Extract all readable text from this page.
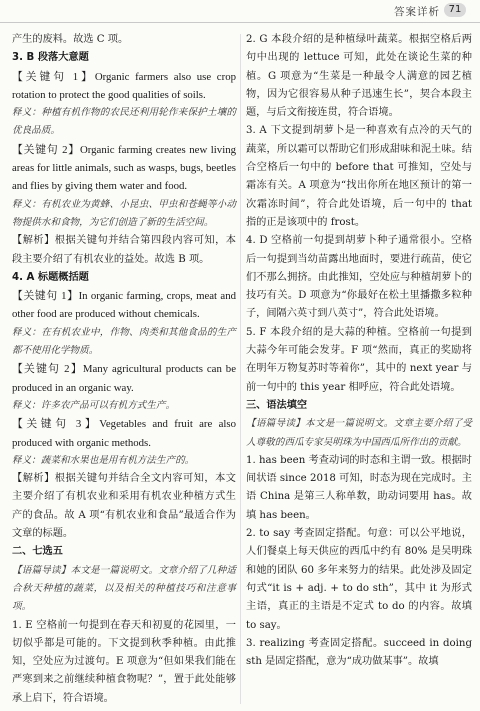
答案详析 71

产生的废料。故选 C 项。

3. B 段落大意题

【关键句 1】Organic farmers also use crop rotation to protect the good qualities of soils.

释义：种植有机作物的农民还利用轮作来保护土壤的优良品质。

【关键句 2】Organic farming creates new living areas for little animals, such as wasps, bugs, beetles and flies by giving them water and food.

释义：有机农业为黄蜂、小昆虫、甲虫和苍蝇等小动物提供水和食物，为它们创造了新的生活空间。

【解析】根据关键句并结合第四段内容可知，本段主要介绍了有机农业的益处。故选 B 项。

4. A 标题概括题

【关键句 1】In organic farming, crops, meat and other food are produced without chemicals.

释义：在有机农业中，作物、肉类和其他食品的生产都不使用化学物质。

【关键句 2】Many agricultural products can be produced in an organic way.

释义：许多农产品可以有机方式生产。

【关键句 3】Vegetables and fruit are also produced with organic methods.

释义：蔬菜和水果也是用有机方法生产的。

【解析】根据关键句并结合全文内容可知，本文主要介绍了有机农业和采用有机农业种植方式生产的食品。故 A 项“有机农业和食品”最适合作为文章的标题。

二、七选五

【语篇导读】本文是一篇说明文。文章介绍了几种适合秋天种植的蔬菜，以及相关的种植技巧和注意事项。

1. E 空格前一句提到在春天和初夏的花园里，一切似乎都是可能的。下文提到秋季种植。由此推知，空处应为过渡句。E 项意为“但如果我们能在严寒到来之前继续种植食物呢？”，置于此处能够承上启下，符合语境。

2. G 本段介绍的是种植绿叶蔬菜。根据空格后两句中出现的 lettuce 可知，此处在谈论生菜的种植。G 项意为“生菜是一种最令人满意的园艺植物，因为它很容易从种子迅速生长”，契合本段主题，与后文衔接连贯，符合语境。

3. A 下文提到胡萝卜是一种喜欢有点冷的天气的蔬菜，所以霜可以帮助它们形成甜味和泥土味。结合空格后一句中的 before that 可推知，空处与霜冻有关。A 项意为“找出你所在地区预计的第一次霜冻时间”，符合此处语境，后一句中的 that 指的正是该项中的 frost。

4. D 空格前一句提到胡萝卜种子通常很小。空格后一句提到当幼苗露出地面时，要进行疏苗，使它们不那么拥挤。由此推知，空处应与种植胡萝卜的技巧有关。D 项意为“你最好在松土里播撒多粒种子，间隔六英寸到八英寸”，符合此处语境。

5. F 本段介绍的是大蒜的种植。空格前一句提到大蒜今年可能会发芽。F 项“然而，真正的奖励将在明年万物复苏时等着你”，其中的 next year 与前一句中的 this year 相呼应，符合此处语境。

三、语法填空

【语篇导读】本文是一篇说明文。文章主要介绍了受人尊敬的西瓜专家吴明珠为中国西瓜所作出的贡献。

1. has been 考查动词的时态和主谓一致。根据时间状语 since 2018 可知，时态为现在完成时。主语 China 是第三人称单数，助动词要用 has。故填 has been。

2. to say 考查固定搭配。句意：可以公平地说，人们餐桌上每天供应的西瓜中约有 80% 是吴明珠和她的团队 60 多年来努力的结果。此处涉及固定句式“it is + adj. + to do sth”，其中 it 为形式主语，真正的主语是不定式 to do 的内容。故填 to say。

3. realizing 考查固定搭配。succeed in doing sth 是固定搭配，意为“成功做某事”。故填
